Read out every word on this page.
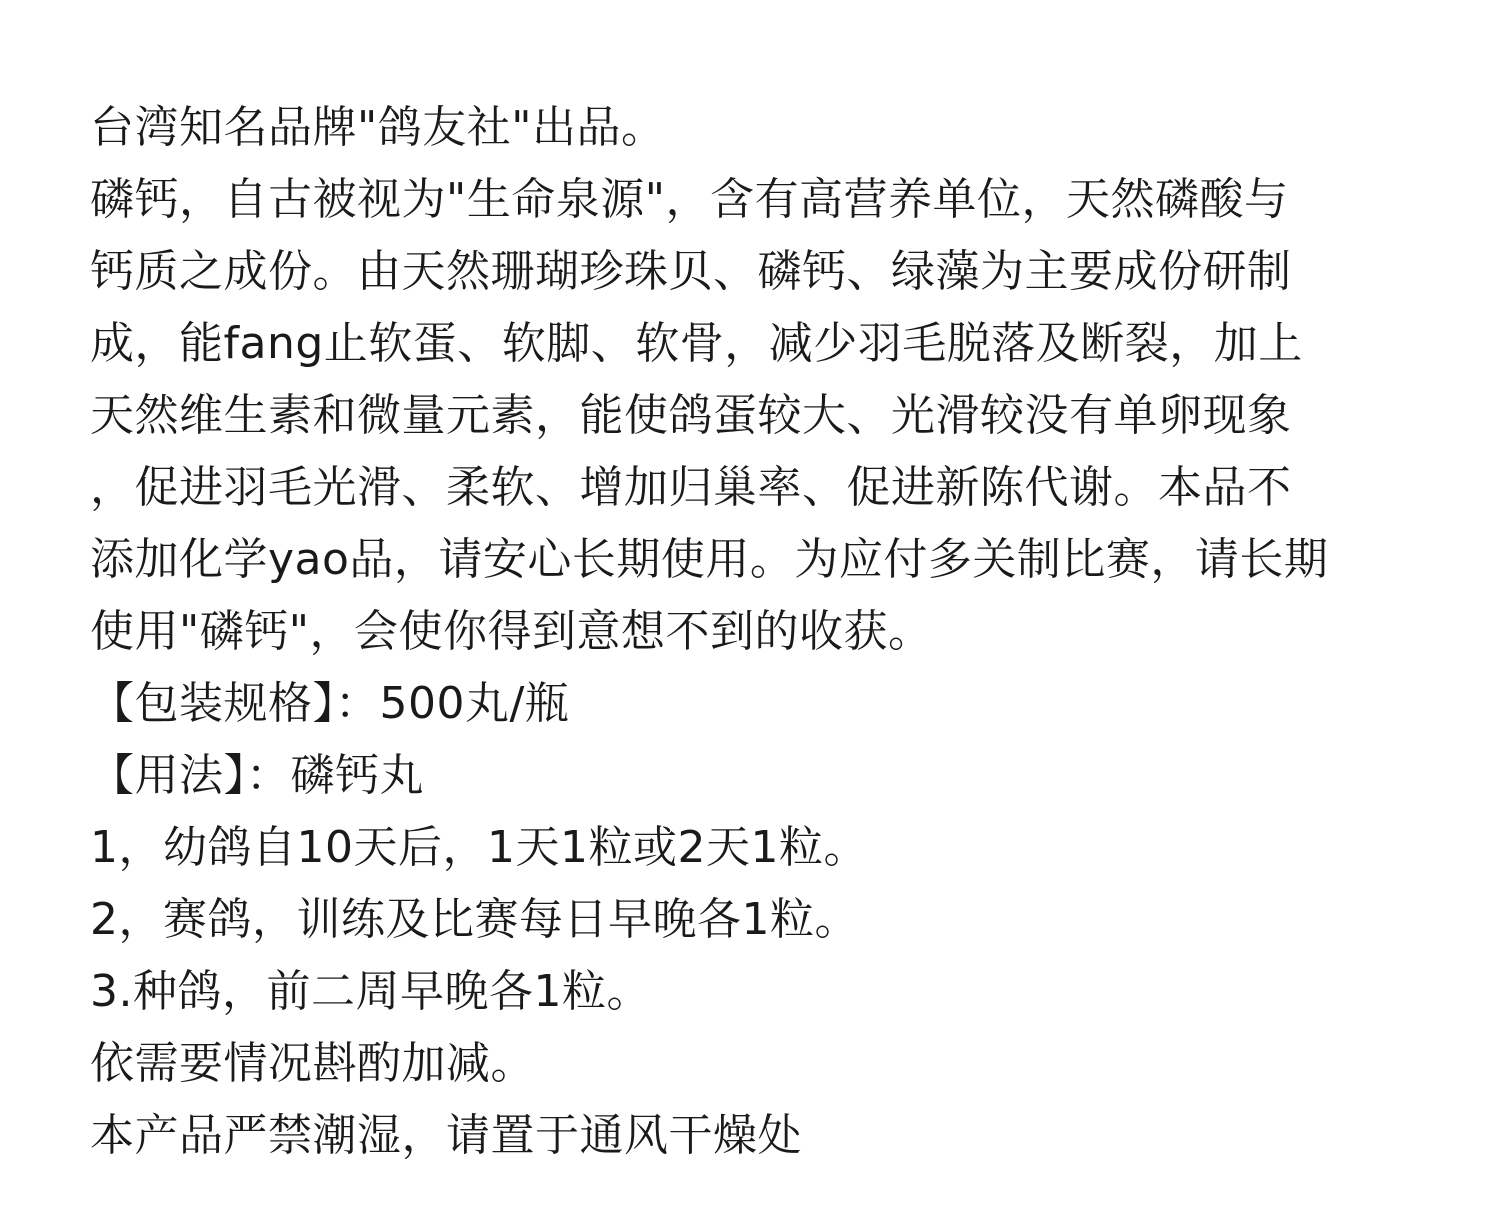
台湾知名品牌"鸽友社"出品。

磷钙，自古被视为"生命泉源"，含有高营养单位，天然磷酸与

钙质之成份。由天然珊瑚珍珠贝、磷钙、绿藻为主要成份研制

成，能fang止软蛋、软脚、软骨，减少羽毛脱落及断裂，加上

天然维生素和微量元素，能使鸽蛋较大、光滑较没有单卵现象

，促进羽毛光滑、柔软、增加归巢率、促进新陈代谢。本品不

添加化学yao品，请安心长期使用。为应付多关制比赛，请长期

使用"磷钙"，会使你得到意想不到的收获。

【包装规格】：500丸/瓶

【用法】：磷钙丸

1，幼鸽自10天后，1天1粒或2天1粒。

2，赛鸽，训练及比赛每日早晚各1粒。

3.种鸽，前二周早晚各1粒。

依需要情况斟酌加减。

本产品严禁潮湿，请置于通风干燥处
